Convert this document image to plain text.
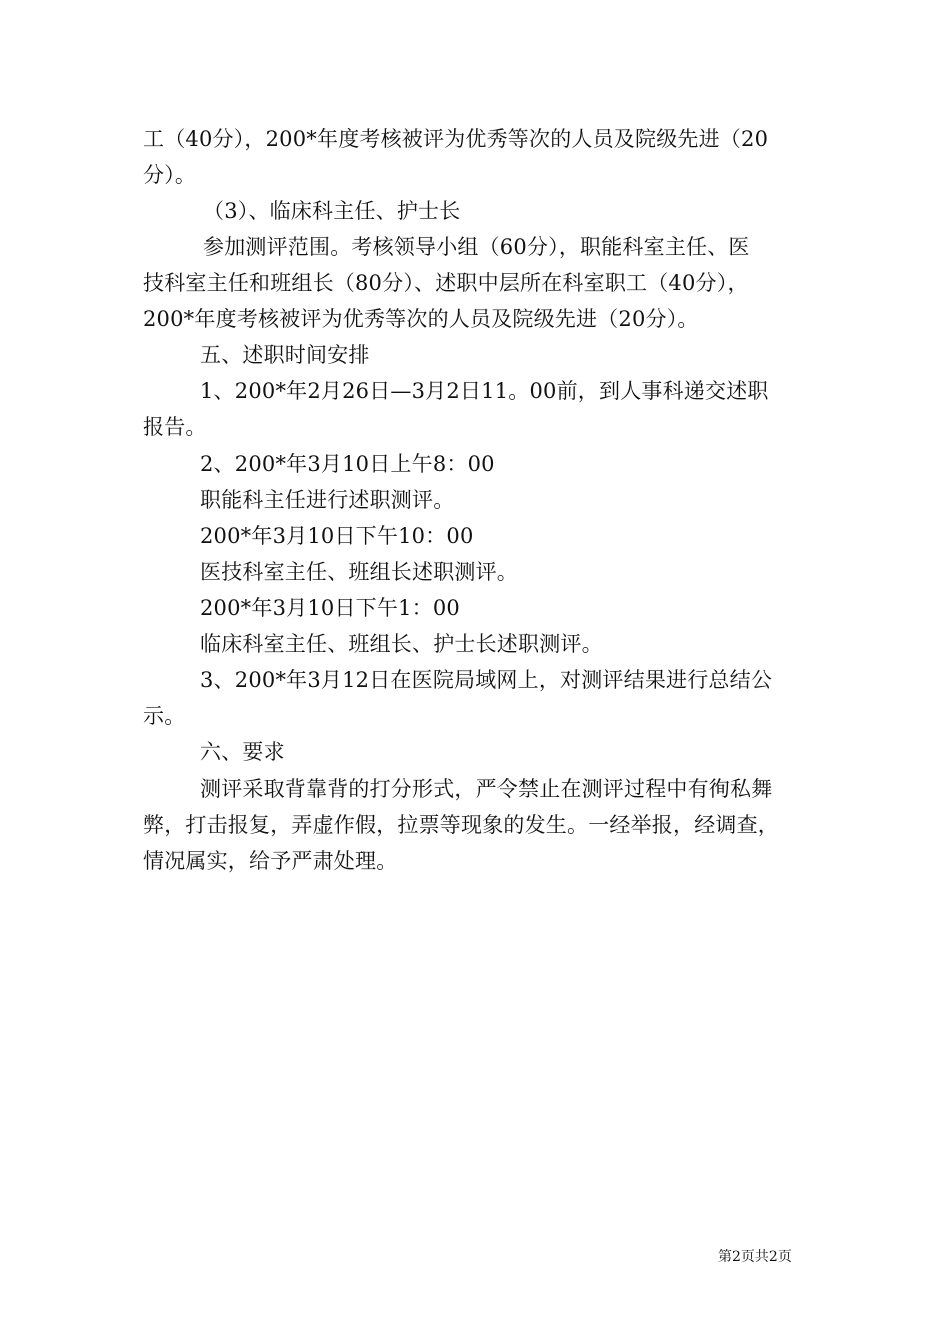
工（40分），200*年度考核被评为优秀等次的人员及院级先进（20
分）。
（3）、临床科主任、护士长
参加测评范围。考核领导小组（60分），职能科室主任、医
技科室主任和班组长（80分）、述职中层所在科室职工（40分），
200*年度考核被评为优秀等次的人员及院级先进（20分）。
五、述职时间安排
1、200*年2月26日—3月2日11。00前，到人事科递交述职
报告。
2、200*年3月10日上午8：00
职能科主任进行述职测评。
200*年3月10日下午10：00
医技科室主任、班组长述职测评。
200*年3月10日下午1：00
临床科室主任、班组长、护士长述职测评。
3、200*年3月12日在医院局域网上，对测评结果进行总结公
示。
六、要求
测评采取背靠背的打分形式，严令禁止在测评过程中有徇私舞
弊，打击报复，弄虚作假，拉票等现象的发生。一经举报，经调查，
情况属实，给予严肃处理。
第2页共2页
